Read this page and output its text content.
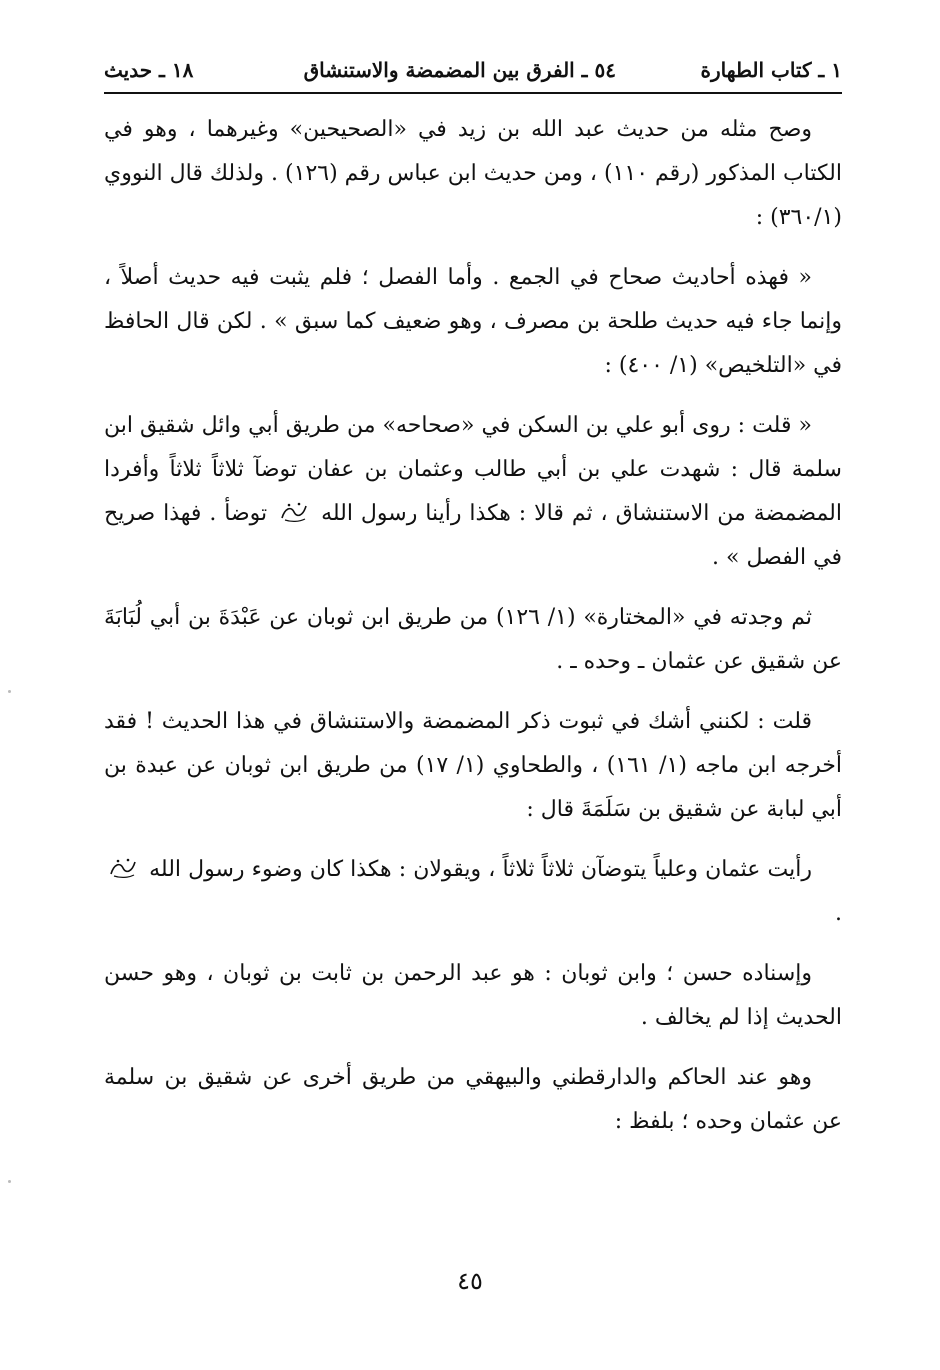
١ ـ كتاب الطهارة
٥٤ ـ الفرق بين المضمضة والاستنشاق
١٨ ـ حديث

وصح مثله من حديث عبد الله بن زيد في «الصحيحين» وغيرهما ، وهو في الكتاب المذكور (رقم ١١٠) ، ومن حديث ابن عباس رقم (١٢٦) . ولذلك قال النووي (٣٦٠/١) :

« فهذه أحاديث صحاح في الجمع . وأما الفصل ؛ فلم يثبت فيه حديث أصلاً ، وإنما جاء فيه حديث طلحة بن مصرف ، وهو ضعيف كما سبق » . لكن قال الحافظ في «التلخيص» (١/ ٤٠٠) :

« قلت : روى أبو علي بن السكن في «صحاحه» من طريق أبي وائل شقيق ابن سلمة قال : شهدت علي بن أبي طالب وعثمان بن عفان توضآ ثلاثاً ثلاثاً وأفردا المضمضة من الاستنشاق ، ثم قالا : هكذا رأينا رسول الله  توضأ . فهذا صريح في الفصل » .

ثم وجدته في «المختارة» (١/ ١٢٦) من طريق ابن ثوبان عن عَبْدَةَ بن أبي لُبَابَةَ عن شقيق عن عثمان ـ وحده ـ .

قلت : لكنني أشك في ثبوت ذكر المضمضة والاستنشاق في هذا الحديث ! فقد أخرجه ابن ماجه (١/ ١٦١) ، والطحاوي (١/ ١٧) من طريق ابن ثوبان عن عبدة بن أبي لبابة عن شقيق بن سَلَمَةَ قال :

رأيت عثمان وعلياً يتوضآن ثلاثاً ثلاثاً ، ويقولان : هكذا كان وضوء رسول الله  .

وإسناده حسن ؛ وابن ثوبان : هو عبد الرحمن بن ثابت بن ثوبان ، وهو حسن الحديث إذا لم يخالف .

وهو عند الحاكم والدارقطني والبيهقي من طريق أخرى عن شقيق بن سلمة عن عثمان وحده ؛ بلفظ :

٤٥
